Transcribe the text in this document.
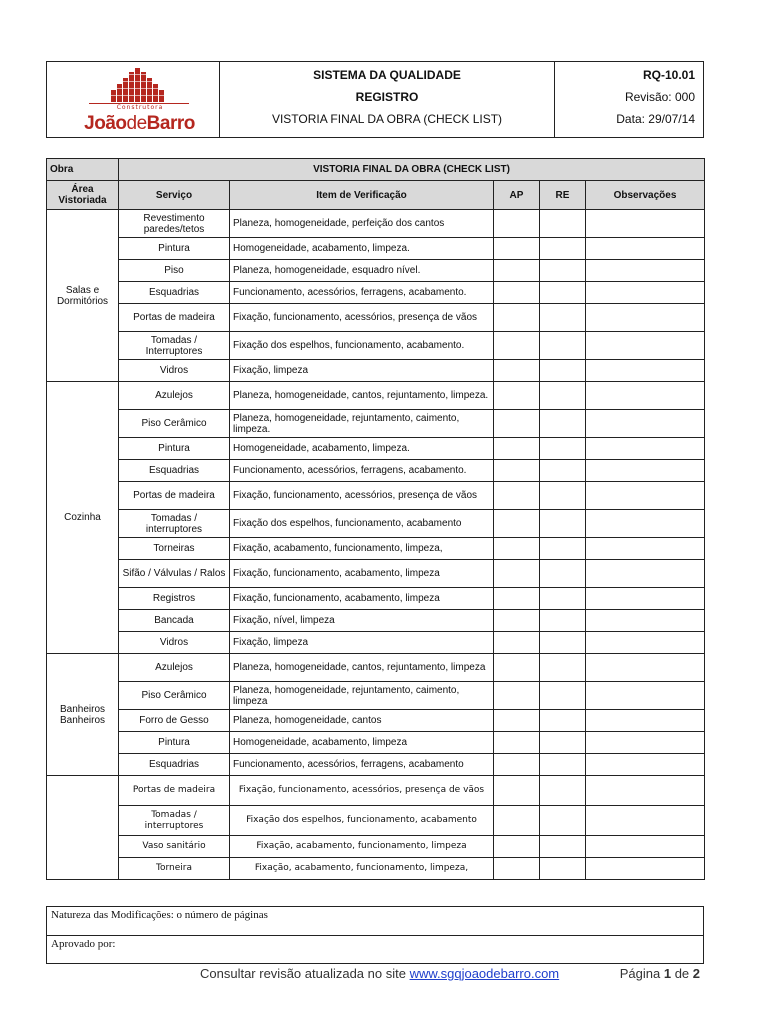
Construtora
JoãodeBarro
SISTEMA DA QUALIDADE
REGISTRO
VISTORIA FINAL DA OBRA (CHECK LIST)
RQ-10.01
Revisão: 000
Data: 29/07/14
Obra	VISTORIA FINAL DA OBRA (CHECK LIST)				
Área Vistoriada	Serviço	Item de Verificação	AP	RE	Observações
Salas e Dormitórios	Revestimento paredes/tetos	Planeza, homogeneidade, perfeição dos cantos			
	Pintura	Homogeneidade, acabamento, limpeza.			
	Piso	Planeza, homogeneidade, esquadro nível.			
	Esquadrias	Funcionamento, acessórios, ferragens, acabamento.			
	Portas de madeira	Fixação, funcionamento, acessórios, presença de vãos			
	Tomadas / Interruptores	Fixação dos espelhos, funcionamento, acabamento.			
	Vidros	Fixação, limpeza			
Cozinha	Azulejos	Planeza, homogeneidade, cantos, rejuntamento, limpeza.			
	Piso Cerâmico	Planeza, homogeneidade, rejuntamento, caimento, limpeza.			
	Pintura	Homogeneidade, acabamento, limpeza.			
	Esquadrias	Funcionamento, acessórios, ferragens, acabamento.			
	Portas de madeira	Fixação, funcionamento, acessórios, presença de vãos			
	Tomadas / interruptores	Fixação dos espelhos, funcionamento, acabamento			
	Torneiras	Fixação, acabamento, funcionamento, limpeza,			
	Sifão / Válvulas / Ralos	Fixação, funcionamento, acabamento, limpeza			
	Registros	Fixação, funcionamento, acabamento, limpeza			
	Bancada	Fixação, nível, limpeza			
	Vidros	Fixação, limpeza			
Banheiros Banheiros	Azulejos	Planeza, homogeneidade, cantos, rejuntamento, limpeza			
	Piso Cerâmico	Planeza, homogeneidade, rejuntamento, caimento, limpeza			
	Forro de Gesso	Planeza, homogeneidade, cantos			
	Pintura	Homogeneidade, acabamento, limpeza			
	Esquadrias	Funcionamento, acessórios, ferragens, acabamento			
	Portas de madeira	Fixação, funcionamento, acessórios, presença de vãos			
	Tomadas / interruptores	Fixação dos espelhos, funcionamento, acabamento			
	Vaso sanitário	Fixação, acabamento, funcionamento, limpeza			
	Torneira	Fixação, acabamento, funcionamento, limpeza,			
Natureza das Modificações: o número de páginas
Aprovado por:
Consultar revisão atualizada no site www.sgqjoaodebarro.com	Página 1 de 2
